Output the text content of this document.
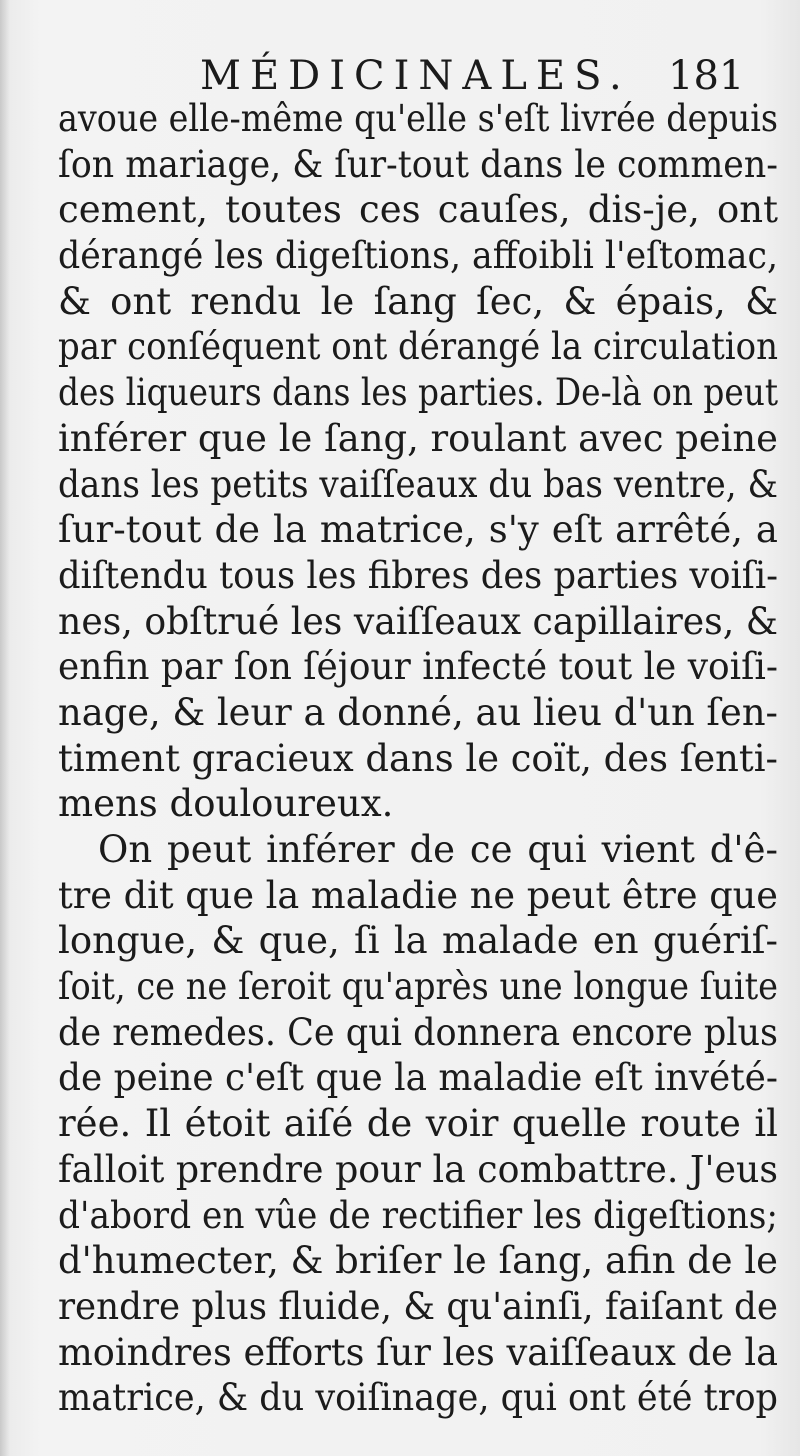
MÉDICINALES. 181
avoue elle-même qu'elle s'eſt livrée depuis
ſon mariage, & ſur-tout dans le commen-
cement, toutes ces cauſes, dis-je, ont
dérangé les digeſtions, affoibli l'eſtomac,
& ont rendu le ſang ſec, & épais, &
par conſéquent ont dérangé la circulation
des liqueurs dans les parties. De-là on peut
inférer que le ſang, roulant avec peine
dans les petits vaiſſeaux du bas ventre, &
ſur-tout de la matrice, s'y eſt arrêté, a
diſtendu tous les fibres des parties voiſi-
nes, obſtrué les vaiſſeaux capillaires, &
enfin par ſon ſéjour infecté tout le voiſi-
nage, & leur a donné, au lieu d'un ſen-
timent gracieux dans le coït, des ſenti-
mens douloureux.
On peut inférer de ce qui vient d'ê-
tre dit que la maladie ne peut être que
longue, & que, ſi la malade en guériſ-
ſoit, ce ne ſeroit qu'après une longue ſuite
de remedes. Ce qui donnera encore plus
de peine c'eſt que la maladie eſt invété-
rée. Il étoit aiſé de voir quelle route il
falloit prendre pour la combattre. J'eus
d'abord en vûe de rectifier les digeſtions;
d'humecter, & briſer le ſang, afin de le
rendre plus fluide, & qu'ainſi, faiſant de
moindres efforts ſur les vaiſſeaux de la
matrice, & du voiſinage, qui ont été trop
